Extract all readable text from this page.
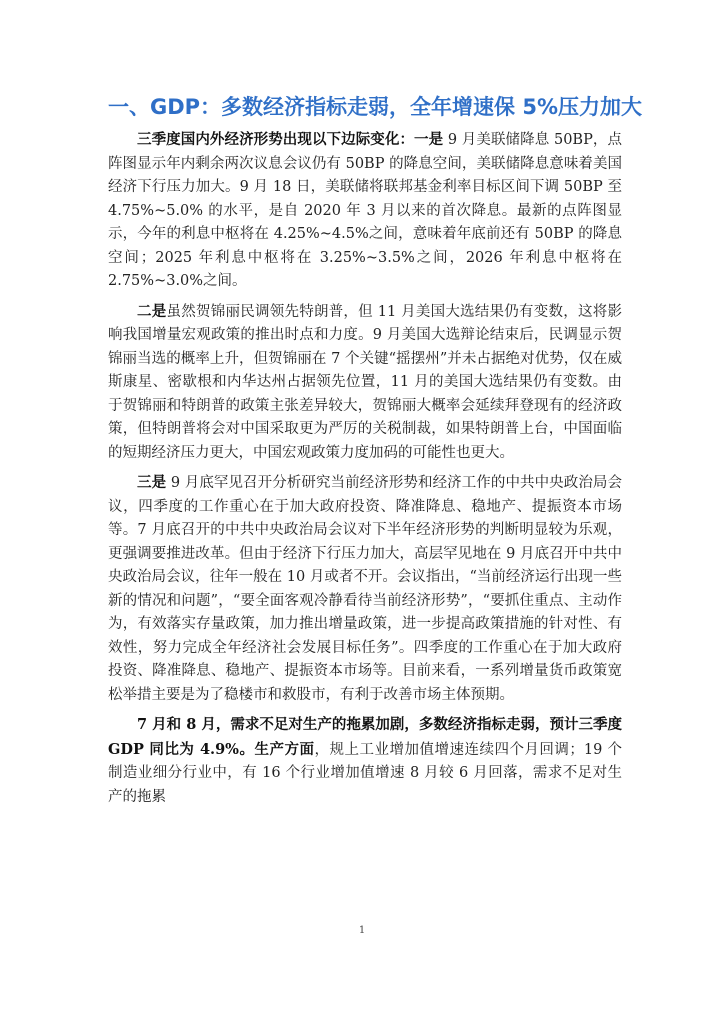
一、GDP：多数经济指标走弱，全年增速保 5%压力加大

三季度国内外经济形势出现以下边际变化：一是 9 月美联储降息 50BP，点阵图显示年内剩余两次议息会议仍有 50BP 的降息空间，美联储降息意味着美国经济下行压力加大。9 月 18 日，美联储将联邦基金利率目标区间下调 50BP 至 4.75%~5.0% 的水平，是自 2020 年 3 月以来的首次降息。最新的点阵图显示，今年的利息中枢将在 4.25%~4.5%之间，意味着年底前还有 50BP 的降息空间；2025 年利息中枢将在 3.25%~3.5%之间，2026 年利息中枢将在 2.75%~3.0%之间。

二是虽然贺锦丽民调领先特朗普，但 11 月美国大选结果仍有变数，这将影响我国增量宏观政策的推出时点和力度。9 月美国大选辩论结束后，民调显示贺锦丽当选的概率上升，但贺锦丽在 7 个关键“摇摆州”并未占据绝对优势，仅在威斯康星、密歇根和内华达州占据领先位置，11 月的美国大选结果仍有变数。由于贺锦丽和特朗普的政策主张差异较大，贺锦丽大概率会延续拜登现有的经济政策，但特朗普将会对中国采取更为严厉的关税制裁，如果特朗普上台，中国面临的短期经济压力更大，中国宏观政策力度加码的可能性也更大。

三是 9 月底罕见召开分析研究当前经济形势和经济工作的中共中央政治局会议，四季度的工作重心在于加大政府投资、降准降息、稳地产、提振资本市场等。7 月底召开的中共中央政治局会议对下半年经济形势的判断明显较为乐观，更强调要推进改革。但由于经济下行压力加大，高层罕见地在 9 月底召开中共中央政治局会议，往年一般在 10 月或者不开。会议指出，“当前经济运行出现一些新的情况和问题”，“要全面客观冷静看待当前经济形势”，“要抓住重点、主动作为，有效落实存量政策，加力推出增量政策，进一步提高政策措施的针对性、有效性，努力完成全年经济社会发展目标任务”。四季度的工作重心在于加大政府投资、降准降息、稳地产、提振资本市场等。目前来看，一系列增量货币政策宽松举措主要是为了稳楼市和救股市，有利于改善市场主体预期。

7 月和 8 月，需求不足对生产的拖累加剧，多数经济指标走弱，预计三季度 GDP 同比为 4.9%。生产方面，规上工业增加值增速连续四个月回调；19 个制造业细分行业中，有 16 个行业增加值增速 8 月较 6 月回落，需求不足对生产的拖累

1
